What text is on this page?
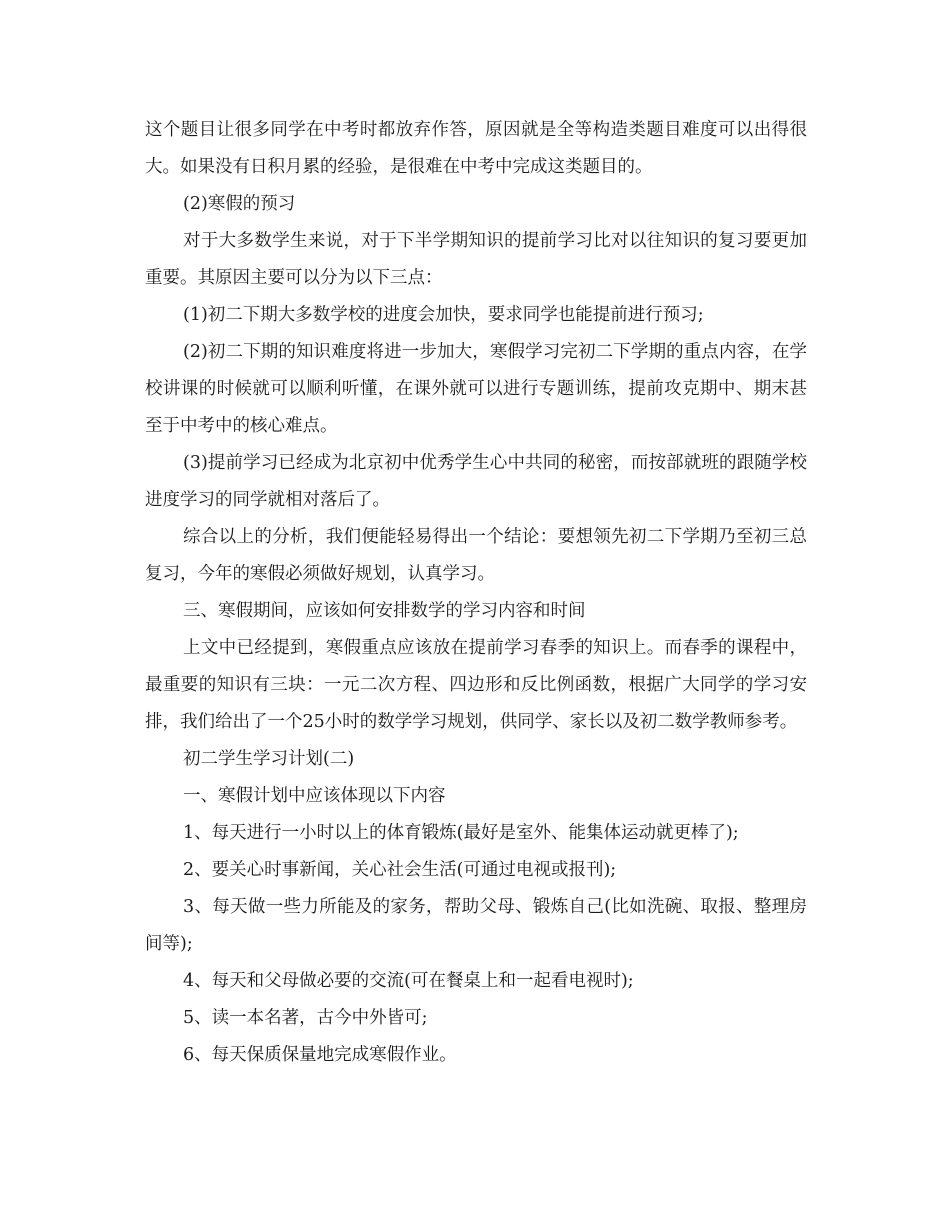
这个题目让很多同学在中考时都放弃作答，原因就是全等构造类题目难度可以出得很大。如果没有日积月累的经验，是很难在中考中完成这类题目的。

(2)寒假的预习

对于大多数学生来说，对于下半学期知识的提前学习比对以往知识的复习要更加重要。其原因主要可以分为以下三点：

(1)初二下期大多数学校的进度会加快，要求同学也能提前进行预习;

(2)初二下期的知识难度将进一步加大，寒假学习完初二下学期的重点内容，在学校讲课的时候就可以顺利听懂，在课外就可以进行专题训练，提前攻克期中、期末甚至于中考中的核心难点。

(3)提前学习已经成为北京初中优秀学生心中共同的秘密，而按部就班的跟随学校进度学习的同学就相对落后了。

综合以上的分析，我们便能轻易得出一个结论：要想领先初二下学期乃至初三总复习，今年的寒假必须做好规划，认真学习。

三、寒假期间，应该如何安排数学的学习内容和时间

上文中已经提到，寒假重点应该放在提前学习春季的知识上。而春季的课程中，最重要的知识有三块：一元二次方程、四边形和反比例函数，根据广大同学的学习安排，我们给出了一个25小时的数学学习规划，供同学、家长以及初二数学教师参考。

初二学生学习计划(二)

一、寒假计划中应该体现以下内容

1、每天进行一小时以上的体育锻炼(最好是室外、能集体运动就更棒了);

2、要关心时事新闻，关心社会生活(可通过电视或报刊);

3、每天做一些力所能及的家务，帮助父母、锻炼自己(比如洗碗、取报、整理房间等);

4、每天和父母做必要的交流(可在餐桌上和一起看电视时);

5、读一本名著，古今中外皆可;

6、每天保质保量地完成寒假作业。
